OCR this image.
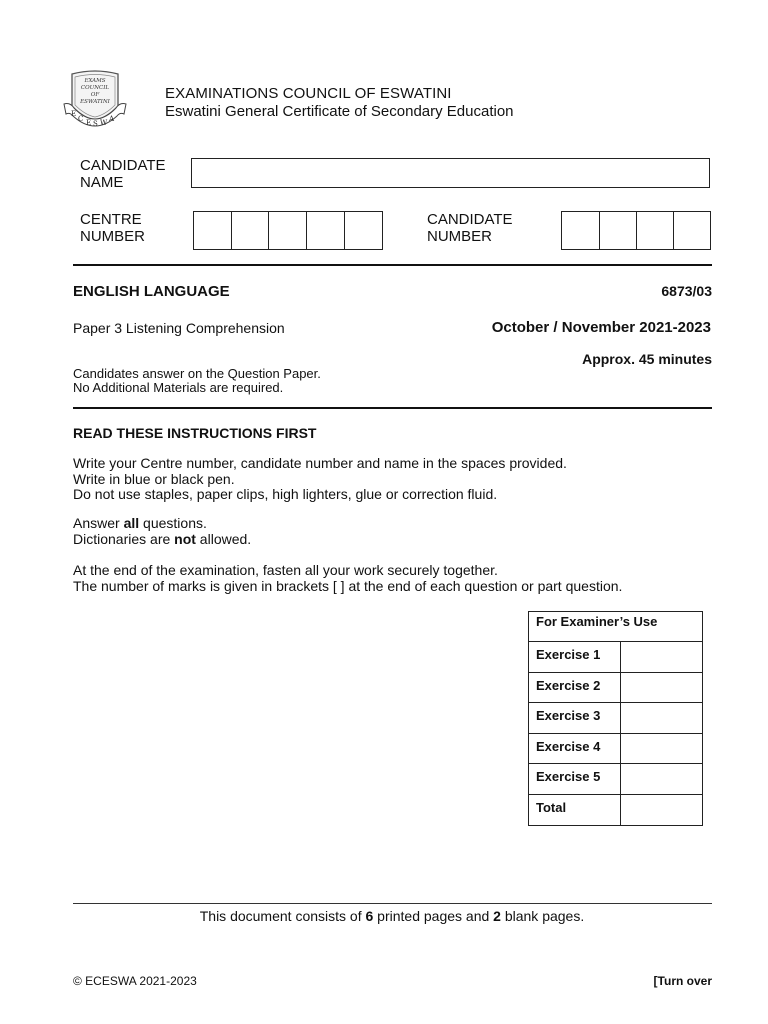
EXAMS
COUNCIL
OF
ESWATINI
E
C E S W A
EXAMINATIONS COUNCIL OF ESWATINI
Eswatini General Certificate of Secondary Education
CANDIDATE
NAME
CENTRE
NUMBER
CANDIDATE
NUMBER
ENGLISH LANGUAGE	6873/03
Paper 3 Listening Comprehension	October / November 2021-2023
Approx. 45 minutes
Candidates answer on the Question Paper.
No Additional Materials are required.
READ THESE INSTRUCTIONS FIRST
Write your Centre number, candidate number and name in the spaces provided.
Write in blue or black pen.
Do not use staples, paper clips, high lighters, glue or correction fluid.
Answer all questions.
Dictionaries are not allowed.
At the end of the examination, fasten all your work securely together.
The number of marks is given in brackets [ ] at the end of each question or part question.
For Examiner’s Use	
Exercise 1	
Exercise 2	
Exercise 3	
Exercise 4	
Exercise 5	
Total	
This document consists of 6 printed pages and 2 blank pages.
© ECESWA 2021-2023	[Turn over
